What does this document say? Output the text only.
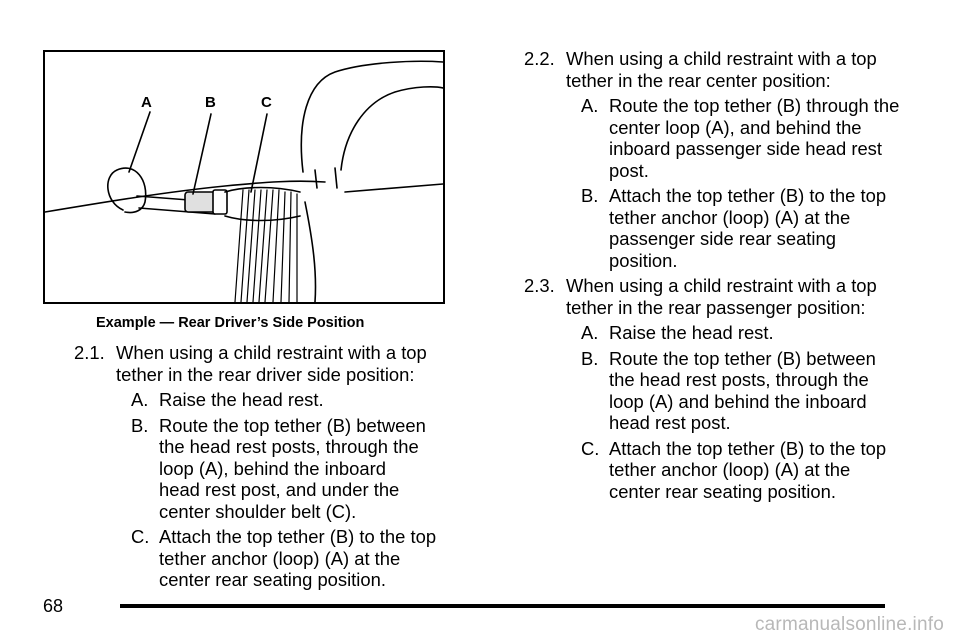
A	B	C
Example — Rear Driver’s Side Position
2.1. When using a child restraint with a top
tether in the rear driver side position:
A. Raise the head rest.
B. Route the top tether (B) between
the head rest posts, through the
loop (A), behind the inboard
head rest post, and under the
center shoulder belt (C).
C. Attach the top tether (B) to the top
tether anchor (loop) (A) at the
center rear seating position.
2.2. When using a child restraint with a top
tether in the rear center position:
A. Route the top tether (B) through the
center loop (A), and behind the
inboard passenger side head rest
post.
B. Attach the top tether (B) to the top
tether anchor (loop) (A) at the
passenger side rear seating
position.
2.3. When using a child restraint with a top
tether in the rear passenger position:
A. Raise the head rest.
B. Route the top tether (B) between
the head rest posts, through the
loop (A) and behind the inboard
head rest post.
C. Attach the top tether (B) to the top
tether anchor (loop) (A) at the
center rear seating position.
68
carmanualsonline.info
